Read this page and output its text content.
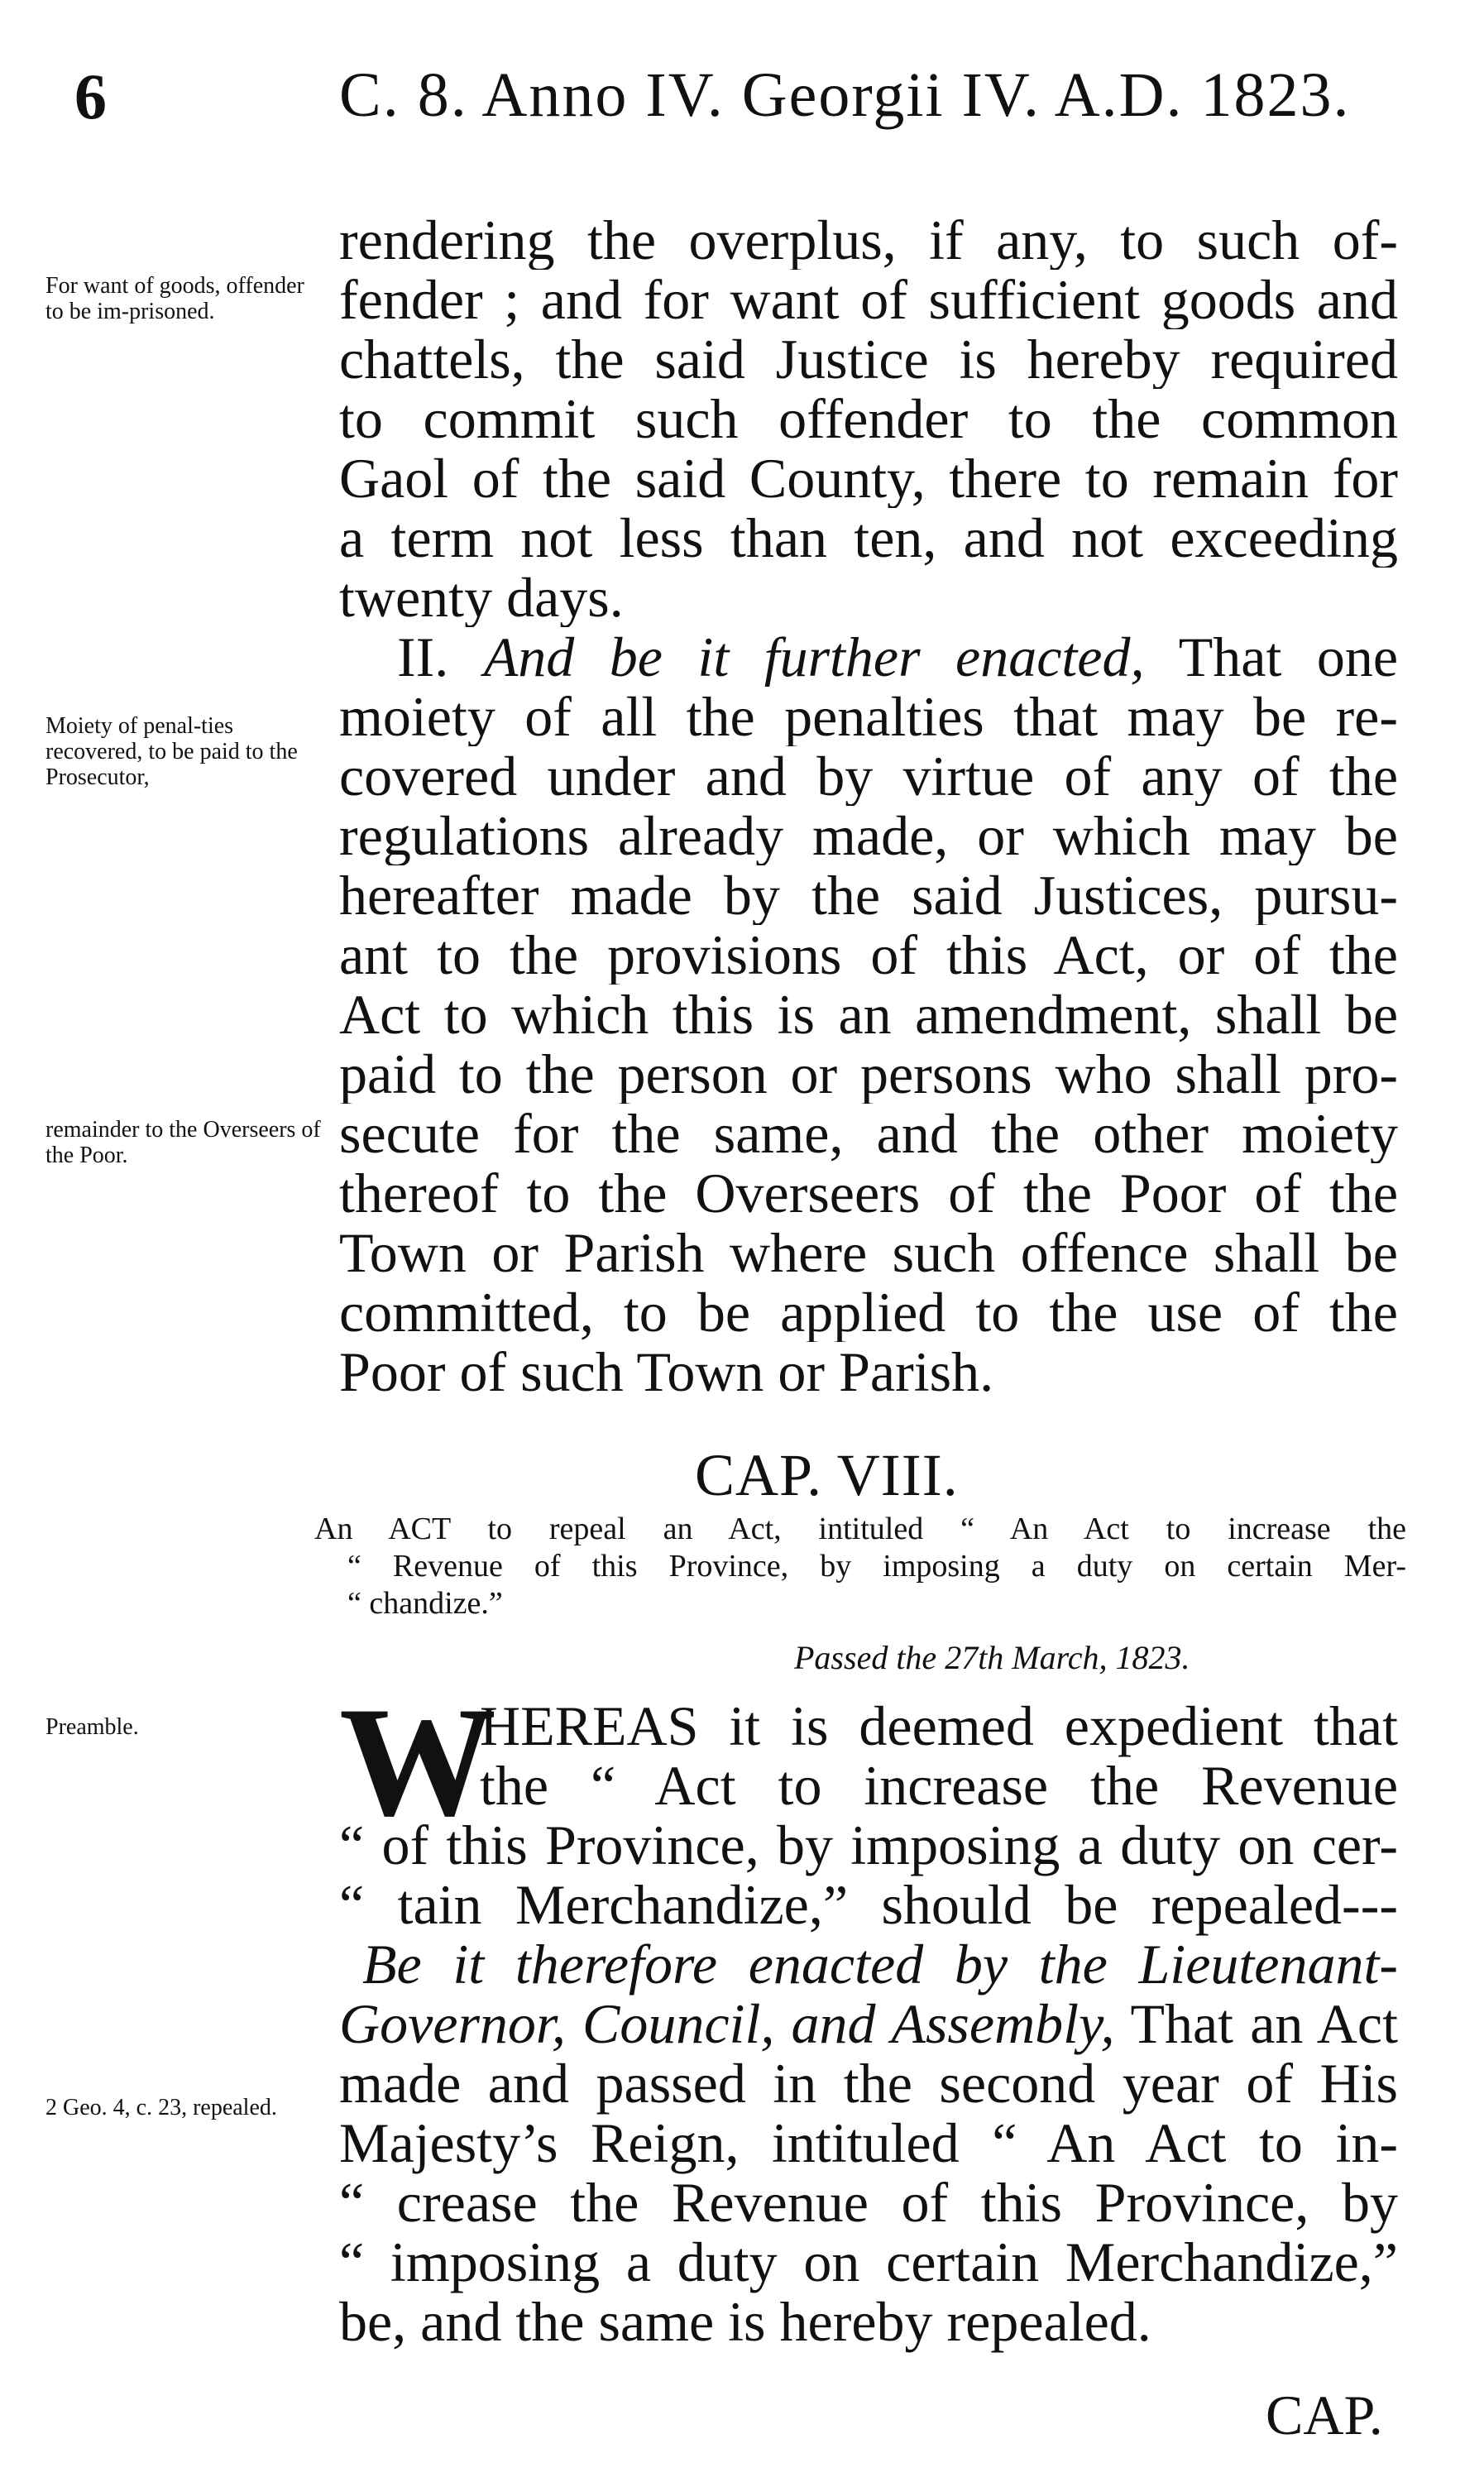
6	C. 8. Anno IV. Georgii IV. A.D. 1823.
rendering the overplus, if any, to such of-
fender ; and for want of sufficient goods and
chattels, the said Justice is hereby required
to commit such offender to the common
Gaol of the said County, there to remain for
a term not less than ten, and not exceeding
twenty days.
II. And be it further enacted, That one
moiety of all the penalties that may be re-
covered under and by virtue of any of the
regulations already made, or which may be
hereafter made by the said Justices, pursu-
ant to the provisions of this Act, or of the
Act to which this is an amendment, shall be
paid to the person or persons who shall pro-
secute for the same, and the other moiety
thereof to the Overseers of the Poor of the
Town or Parish where such offence shall be
committed, to be applied to the use of the
Poor of such Town or Parish.
For want of goods, offender to be im-prisoned.
Moiety of penal-ties recovered, to be paid to the Prosecutor,
remainder to the Overseers of the Poor.
Preamble.
2 Geo. 4, c. 23, repealed.
CAP. VIII.
An ACT to repeal an Act, intituled “ An Act to increase the
“ Revenue of this Province, by imposing a duty on certain Mer-
“ chandize.”
Passed the 27th March, 1823.
W
HEREAS it is deemed expedient that
the “ Act to increase the Revenue
“ of this Province, by imposing a duty on cer-
“ tain Merchandize,” should be repealed---
Be it therefore enacted by the Lieutenant-
Governor, Council, and Assembly, That an Act
made and passed in the second year of His
Majesty’s Reign, intituled “ An Act to in-
“ crease the Revenue of this Province, by
“ imposing a duty on certain Merchandize,”
be, and the same is hereby repealed.
CAP.
